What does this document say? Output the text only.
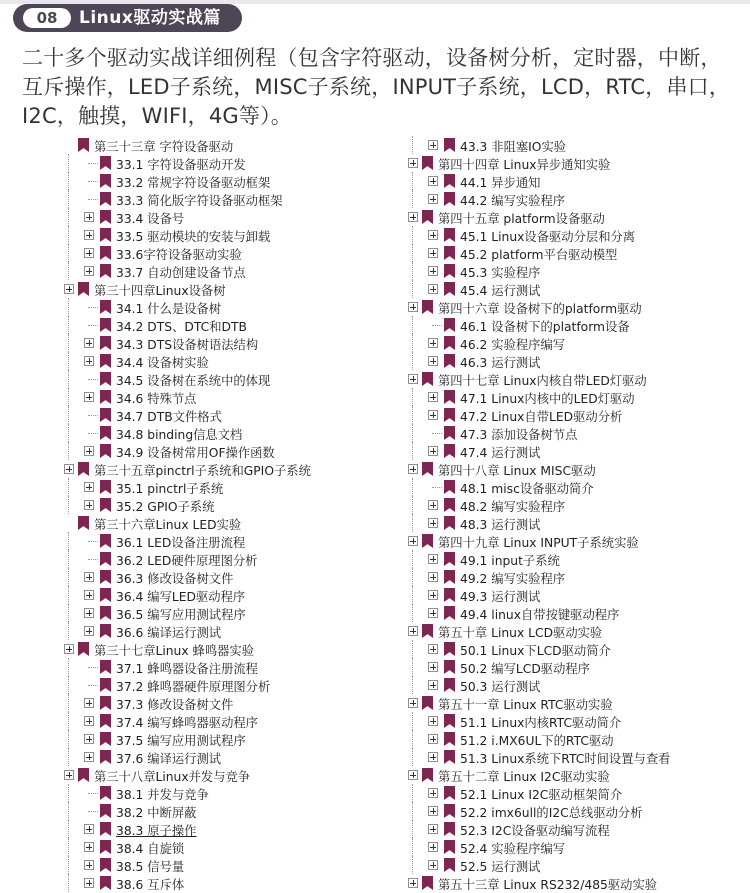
08	Linux驱动实战篇
二十多个驱动实战详细例程（包含字符驱动，设备树分析，定时器，中断，互斥操作，LED子系统，MISC子系统，INPUT子系统，LCD，RTC，串口，I2C，触摸，WIFI，4G等）。
第三十三章 字符设备驱动
33.1 字符设备驱动开发
33.2 常规字符设备驱动框架
33.3 简化版字符设备驱动框架
33.4 设备号
33.5 驱动模块的安装与卸载
33.6字符设备驱动实验
33.7 自动创建设备节点
第三十四章Linux设备树
34.1 什么是设备树
34.2 DTS、DTC和DTB
34.3 DTS设备树语法结构
34.4 设备树实验
34.5 设备树在系统中的体现
34.6 特殊节点
34.7 DTB文件格式
34.8 binding信息文档
34.9 设备树常用OF操作函数
第三十五章pinctrl子系统和GPIO子系统
35.1 pinctrl子系统
35.2 GPIO子系统
第三十六章Linux LED实验
36.1 LED设备注册流程
36.2 LED硬件原理图分析
36.3 修改设备树文件
36.4 编写LED驱动程序
36.5 编写应用测试程序
36.6 编译运行测试
第三十七章Linux 蜂鸣器实验
37.1 蜂鸣器设备注册流程
37.2 蜂鸣器硬件原理图分析
37.3 修改设备树文件
37.4 编写蜂鸣器驱动程序
37.5 编写应用测试程序
37.6 编译运行测试
第三十八章Linux并发与竞争
38.1 并发与竞争
38.2 中断屏蔽
38.3 原子操作
38.4 自旋锁
38.5 信号量
38.6 互斥体
43.3 非阻塞IO实验
第四十四章 Linux异步通知实验
44.1 异步通知
44.2 编写实验程序
第四十五章 platform设备驱动
45.1 Linux设备驱动分层和分离
45.2 platform平台驱动模型
45.3 实验程序
45.4 运行测试
第四十六章 设备树下的platform驱动
46.1 设备树下的platform设备
46.2 实验程序编写
46.3 运行测试
第四十七章 Linux内核自带LED灯驱动
47.1 Linux内核中的LED灯驱动
47.2 Linux自带LED驱动分析
47.3 添加设备树节点
47.4 运行测试
第四十八章 Linux MISC驱动
48.1 misc设备驱动简介
48.2 编写实验程序
48.3 运行测试
第四十九章 Linux INPUT子系统实验
49.1 input子系统
49.2 编写实验程序
49.3 运行测试
49.4 linux自带按键驱动程序
第五十章 Linux LCD驱动实验
50.1 Linux下LCD驱动简介
50.2 编写LCD驱动程序
50.3 运行测试
第五十一章 Linux RTC驱动实验
51.1 Linux内核RTC驱动简介
51.2 i.MX6UL下的RTC驱动
51.3 Linux系统下RTC时间设置与查看
第五十二章 Linux I2C驱动实验
52.1 Linux I2C驱动框架简介
52.2 imx6ull的I2C总线驱动分析
52.3 I2C设备驱动编写流程
52.4 实验程序编写
52.5 运行测试
第五十三章 Linux RS232/485驱动实验
